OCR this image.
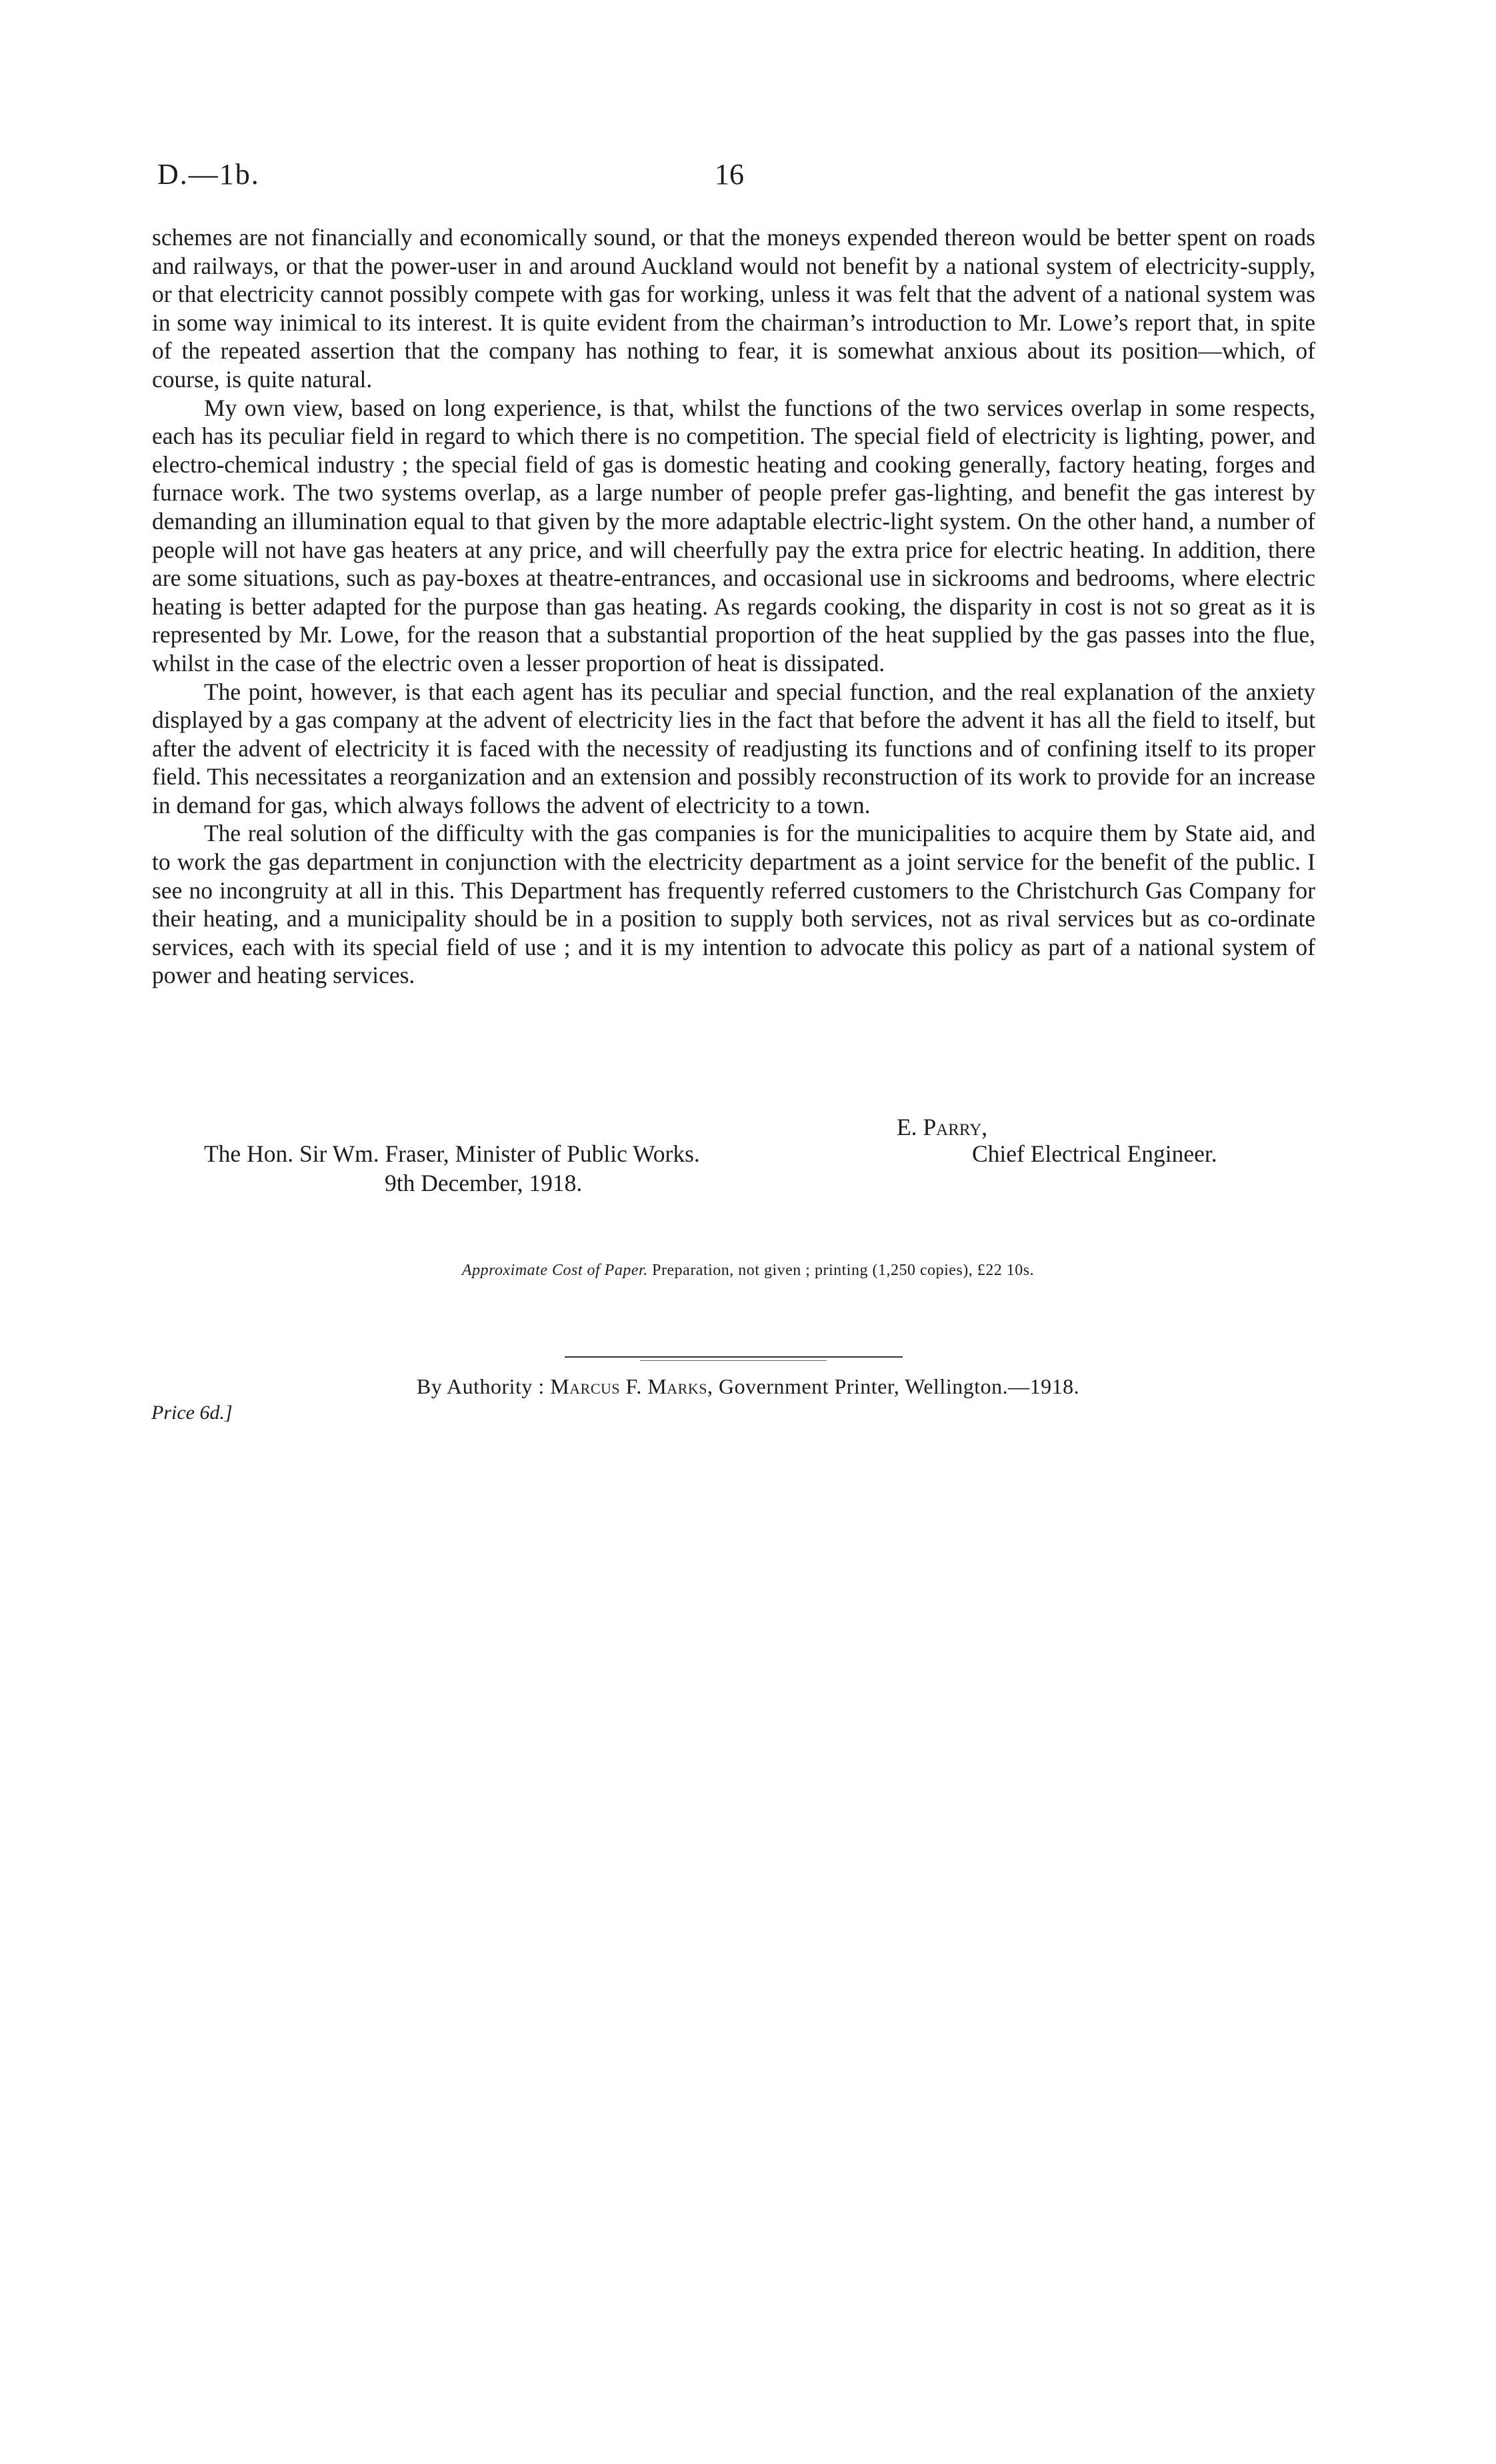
D.—1b.	16

schemes are not financially and economically sound, or that the moneys expended thereon would be better spent on roads and railways, or that the power-user in and around Auckland would not benefit by a national system of electricity-supply, or that electricity cannot possibly compete with gas for working, unless it was felt that the advent of a national system was in some way inimical to its interest. It is quite evident from the chairman’s introduction to Mr. Lowe’s report that, in spite of the repeated assertion that the company has nothing to fear, it is somewhat anxious about its position—which, of course, is quite natural.

My own view, based on long experience, is that, whilst the functions of the two services overlap in some respects, each has its peculiar field in regard to which there is no competition. The special field of electricity is lighting, power, and electro-chemical industry ; the special field of gas is domestic heating and cooking generally, factory heating, forges and furnace work. The two systems overlap, as a large number of people prefer gas-lighting, and benefit the gas interest by demanding an illumination equal to that given by the more adaptable electric-light system. On the other hand, a number of people will not have gas heaters at any price, and will cheerfully pay the extra price for electric heating. In addition, there are some situations, such as pay-boxes at theatre-entrances, and occasional use in sickrooms and bedrooms, where electric heating is better adapted for the purpose than gas heating. As regards cooking, the disparity in cost is not so great as it is represented by Mr. Lowe, for the reason that a substantial proportion of the heat supplied by the gas passes into the flue, whilst in the case of the electric oven a lesser proportion of heat is dissipated.

The point, however, is that each agent has its peculiar and special function, and the real explanation of the anxiety displayed by a gas company at the advent of electricity lies in the fact that before the advent it has all the field to itself, but after the advent of electricity it is faced with the necessity of readjusting its functions and of confining itself to its proper field. This necessitates a reorganization and an extension and possibly reconstruction of its work to provide for an increase in demand for gas, which always follows the advent of electricity to a town.

The real solution of the difficulty with the gas companies is for the municipalities to acquire them by State aid, and to work the gas department in conjunction with the electricity department as a joint service for the benefit of the public. I see no incongruity at all in this. This Department has frequently referred customers to the Christchurch Gas Company for their heating, and a municipality should be in a position to supply both services, not as rival services but as co-ordinate services, each with its special field of use ; and it is my intention to advocate this policy as part of a national system of power and heating services.

E. Parry,
The Hon. Sir Wm. Fraser, Minister of Public Works.	Chief Electrical Engineer.
9th December, 1918.
Approximate Cost of Paper. Preparation, not given ; printing (1,250 copies), £22 10s.
By Authority : Marcus F. Marks, Government Printer, Wellington.—1918.
Price 6d.]
